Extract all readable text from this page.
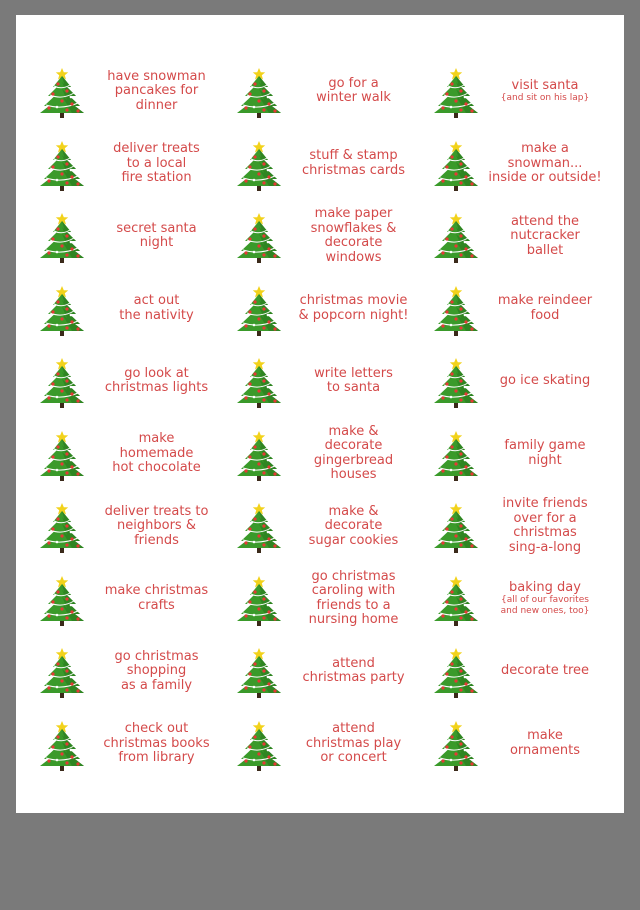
have snowman
pancakes for
dinner
go for a
winter walk
visit santa
{and sit on his lap}
deliver treats
to a local
fire station
stuff & stamp
christmas cards
make a
snowman...
inside or outside!
secret santa
night
make paper
snowflakes &
decorate
windows
attend the
nutcracker
ballet
act out
the nativity
christmas movie
& popcorn night!
make reindeer
food
go look at
christmas lights
write letters
to santa	go ice skating
make
homemade
hot chocolate
make &
decorate
gingerbread
houses
family game
night
deliver treats to
neighbors &
friends
make &
decorate
sugar cookies
invite friends
over for a
christmas
sing-a-long
make christmas
crafts
go christmas
caroling with
friends to a
nursing home
baking day
{all of our favorites
and new ones, too}
go christmas
shopping
as a family
attend
christmas party	decorate tree
check out
christmas books
from library
attend
christmas play
or concert
make
ornaments
